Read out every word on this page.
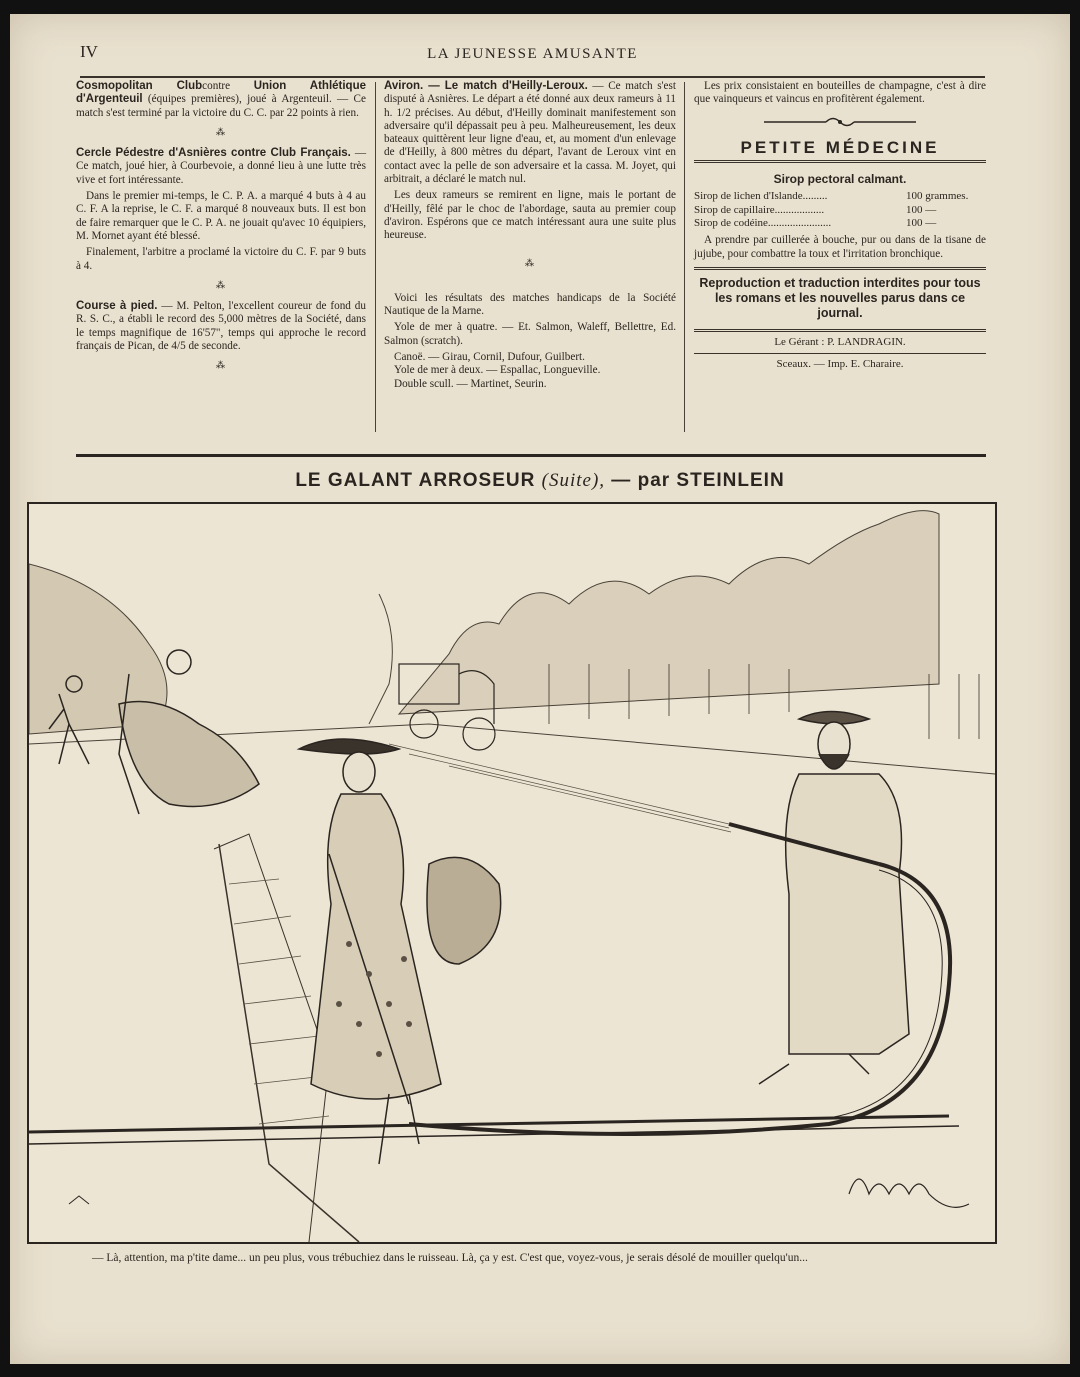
IV	LA JEUNESSE AMUSANTE

Cosmopolitan Clubcontre Union Athlétique d'Argenteuil (équipes premières), joué à Argenteuil. — Ce match s'est terminé par la victoire du C. C. par 22 points à rien.

⁂

Cercle Pédestre d'Asnières contre Club Français. — Ce match, joué hier, à Courbevoie, a donné lieu à une lutte très vive et fort intéressante.

Dans le premier mi-temps, le C. P. A. a marqué 4 buts à 4 au C. F. A la reprise, le C. F. a marqué 8 nouveaux buts. Il est bon de faire remarquer que le C. P. A. ne jouait qu'avec 10 équipiers, M. Mornet ayant été blessé.

Finalement, l'arbitre a proclamé la victoire du C. F. par 9 buts à 4.

⁂

Course à pied. — M. Pelton, l'excellent coureur de fond du R. S. C., a établi le record des 5,000 mètres de la Société, dans le temps magnifique de 16'57", temps qui approche le record français de Pican, de 4/5 de seconde.

⁂

Aviron. — Le match d'Heilly-Leroux. — Ce match s'est disputé à Asnières. Le départ a été donné aux deux rameurs à 11 h. 1/2 précises. Au début, d'Heilly dominait manifestement son adversaire qu'il dépassait peu à peu. Malheureusement, les deux bateaux quittèrent leur ligne d'eau, et, au moment d'un enlevage de d'Heilly, à 800 mètres du départ, l'avant de Leroux vint en contact avec la pelle de son adversaire et la cassa. M. Joyet, qui arbitrait, a déclaré le match nul.

Les deux rameurs se remirent en ligne, mais le portant de d'Heilly, fêlé par le choc de l'abordage, sauta au premier coup d'aviron. Espérons que ce match intéressant aura une suite plus heureuse.

⁂

Voici les résultats des matches handicaps de la Société Nautique de la Marne.

Yole de mer à quatre. — Et. Salmon, Waleff, Bellettre, Ed. Salmon (scratch).

Canoë. — Girau, Cornil, Dufour, Guilbert.

Yole de mer à deux. — Espallac, Longueville.

Double scull. — Martinet, Seurin.

Les prix consistaient en bouteilles de champagne, c'est à dire que vainqueurs et vaincus en profitèrent également.

PETITE MÉDECINE
Sirop pectoral calmant.
Sirop de lichen d'Islande.........	100 grammes.
Sirop de capillaire..................	100 —
Sirop de codéine.......................	100 —

A prendre par cuillerée à bouche, pur ou dans de la tisane de jujube, pour combattre la toux et l'irritation bronchique.

Reproduction et traduction interdites pour tous les romans et les nouvelles parus dans ce journal.
Le Gérant : P. LANDRAGIN.
Sceaux. — Imp. E. Charaire.
LE GALANT ARROSEUR (Suite), — par STEINLEIN
— Là, attention, ma p'tite dame... un peu plus, vous trébuchiez dans le ruisseau. Là, ça y est. C'est que, voyez-vous, je serais désolé de mouiller quelqu'un...
